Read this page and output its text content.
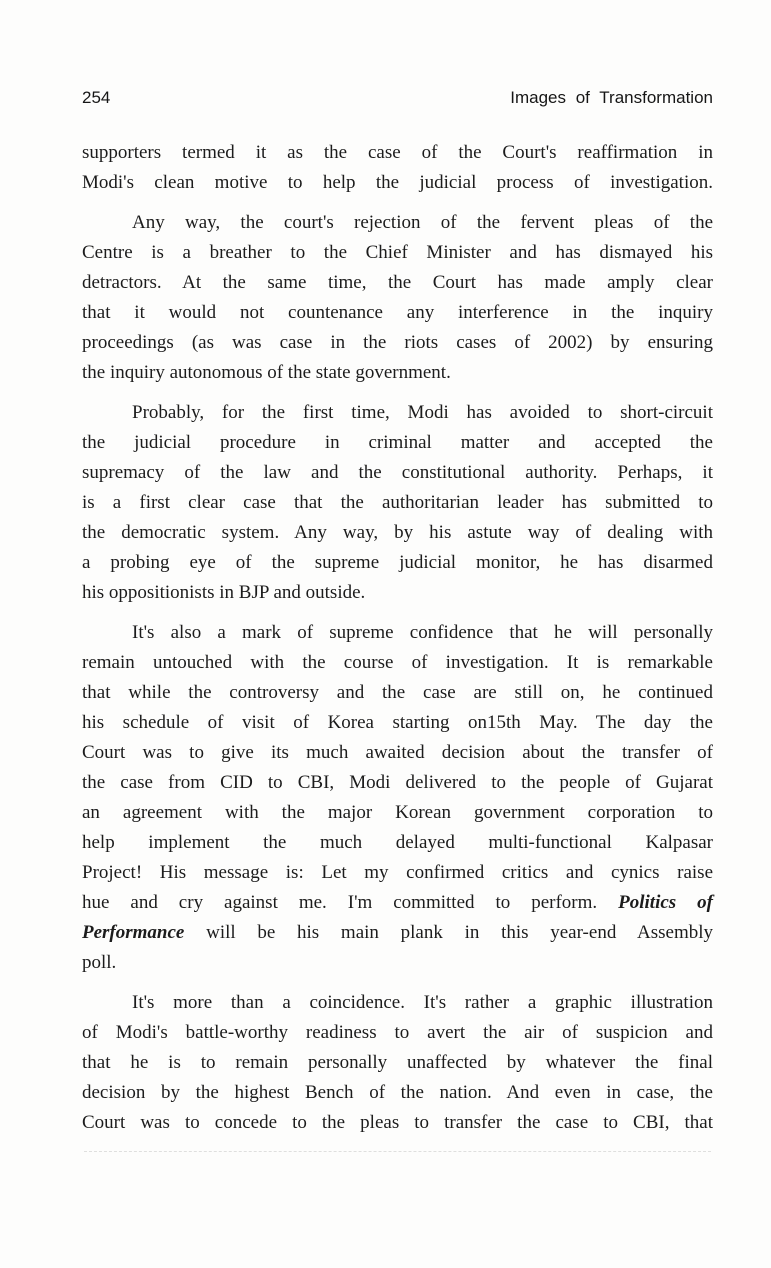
254	Images of Transformation
supporters termed it as the case of the Court's reaffirmation in
Modi's clean motive to help the judicial process of investigation.
Any way, the court's rejection of the fervent pleas of the
Centre is a breather to the Chief Minister and has dismayed his
detractors. At the same time, the Court has made amply clear
that it would not countenance any interference in the inquiry
proceedings (as was case in the riots cases of 2002) by ensuring
the inquiry autonomous of the state government.
Probably, for the first time, Modi has avoided to short-circuit
the judicial procedure in criminal matter and accepted the
supremacy of the law and the constitutional authority. Perhaps, it
is a first clear case that the authoritarian leader has submitted to
the democratic system. Any way, by his astute way of dealing with
a probing eye of the supreme judicial monitor, he has disarmed
his oppositionists in BJP and outside.
It's also a mark of supreme confidence that he will personally
remain untouched with the course of investigation. It is remarkable
that while the controversy and the case are still on, he continued
his schedule of visit of Korea starting on15th May. The day the
Court was to give its much awaited decision about the transfer of
the case from CID to CBI, Modi delivered to the people of Gujarat
an agreement with the major Korean government corporation to
help implement the much delayed multi-functional Kalpasar
Project! His message is: Let my confirmed critics and cynics raise
hue and cry against me. I'm committed to perform. Politics of
Performance will be his main plank in this year-end Assembly
poll.
It's more than a coincidence. It's rather a graphic illustration
of Modi's battle-worthy readiness to avert the air of suspicion and
that he is to remain personally unaffected by whatever the final
decision by the highest Bench of the nation. And even in case, the
Court was to concede to the pleas to transfer the case to CBI, that
